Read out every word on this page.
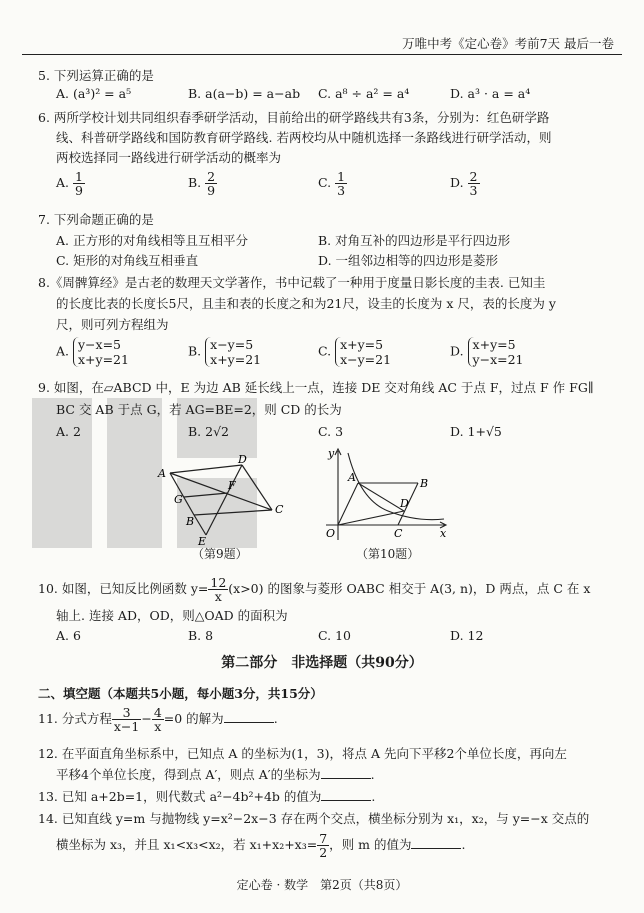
万唯中考《定心卷》考前7天 最后一卷
5. 下列运算正确的是
A. (a³)² = a⁵	B. a(a−b) = a−ab C. a⁸ ÷ a² = a⁴	D. a³ · a = a⁴
6. 两所学校计划共同组织春季研学活动，目前给出的研学路线共有3条，分别为：红色研学路
线、科普研学路线和国防教育研学路线. 若两校均从中随机选择一条路线进行研学活动，则
两校选择同一路线进行研学活动的概率为
A. $\frac{1}{9}$	B. $\frac{2}{9}$	C. $\frac{1}{3}$	D. $\frac{2}{3}$
7. 下列命题正确的是
A. 正方形的对角线相等且互相平分	B. 对角互补的四边形是平行四边形
C. 矩形的对角线互相垂直	D. 一组邻边相等的四边形是菱形
8.《周髀算经》是古老的数理天文学著作，书中记载了一种用于度量日影长度的圭表. 已知圭
的长度比表的长度长5尺，且圭和表的长度之和为21尺，设圭的长度为 x 尺，表的长度为 y
尺，则可列方程组为
A. y−x=5
x+y=21
B. x−y=5
x+y=21
C. x+y=5
x−y=21
D. x+y=5
y−x=21
9. 如图，在▱ABCD 中，E 为边 AB 延长线上一点，连接 DE 交对角线 AC 于点 F，过点 F 作 FG∥
BC 交 AB 于点 G，若 AG=BE=2，则 CD 的长为
A. 2	B. 2√2	C. 3	D. 1+√5
A
D
C
B
E
F
G
（第9题）
y
x
O
A	B
C
D
（第10题）
10. 如图，已知反比例函数 $y= \frac{12}{x} (x>0)$ 的图象与菱形 OABC 相交于 A(3, n)，D 两点，点 C 在 x
轴上. 连接 AD，OD，则△OAD 的面积为
A. 6	B. 8	C. 10	D. 12
第二部分　非选择题（共90分）
二、填空题（本题共5小题，每小题3分，共15分）
11. 分式方程 $\frac{3}{x-1} - \frac{4}{x} =0$ 的解为	.
12. 在平面直角坐标系中，已知点 A 的坐标为(1，3)，将点 A 先向下平移2个单位长度，再向左
平移4个单位长度，得到点 A′，则点 A′的坐标为	.
13. 已知 a+2b=1，则代数式 a²−4b²+4b 的值为	.
14. 已知直线 y=m 与抛物线 y=x²−2x−3 存在两个交点，横坐标分别为 x₁，x₂，与 y=−x 交点的
横坐标为 x₃，并且 x₁<x₃<x₂，若 $x_1+x_2+x_3= \frac{7}{2}$ ，则 m 的值为	.
定心卷 · 数学　第2页（共8页）
